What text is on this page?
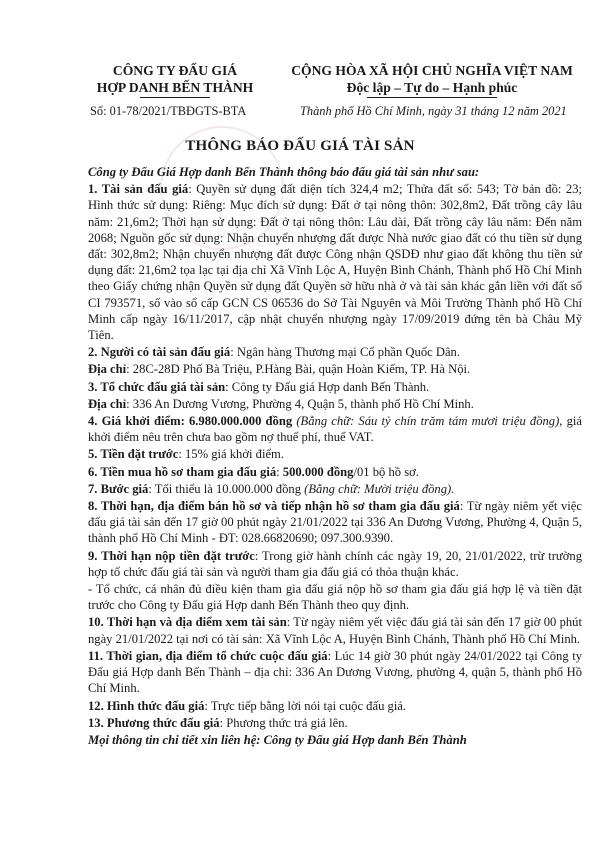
CÔNG TY ĐẤU GIÁ
HỢP DANH BẾN THÀNH
CỘNG HÒA XÃ HỘI CHỦ NGHĨA VIỆT NAM
Độc lập – Tự do – Hạnh phúc
Số: 01-78/2021/TBĐGTS-BTA	Thành phố Hồ Chí Minh, ngày 31 tháng 12 năm 2021
THÔNG BÁO ĐẤU GIÁ TÀI SẢN

Công ty Đấu Giá Hợp danh Bến Thành thông báo đấu giá tài sản như sau:

1. Tài sản đấu giá: Quyền sử dụng đất diện tích 324,4 m2; Thửa đất số: 543; Tờ bản đồ: 23; Hình thức sử dụng: Riêng: Mục đích sử dụng: Đất ở tại nông thôn: 302,8m2, Đất trồng cây lâu năm: 21,6m2; Thời hạn sử dụng: Đất ở tại nông thôn: Lâu dài, Đất trồng cây lâu năm: Đến năm 2068; Nguồn gốc sử dụng: Nhận chuyển nhượng đất được Nhà nước giao đất có thu tiền sử dụng đất: 302,8m2; Nhận chuyển nhượng đất được Công nhận QSDĐ như giao đất không thu tiền sử dụng đất: 21,6m2 tọa lạc tại địa chỉ Xã Vĩnh Lộc A, Huyện Bình Chánh, Thành phố Hồ Chí Minh theo Giấy chứng nhận Quyền sử dụng đất Quyền sở hữu nhà ở và tài sản khác gắn liền với đất số CI 793571, số vào sổ cấp GCN CS 06536 do Sở Tài Nguyên và Môi Trường Thành phố Hồ Chí Minh cấp ngày 16/11/2017, cập nhật chuyển nhượng ngày 17/09/2019 đứng tên bà Châu Mỹ Tiên.

2. Người có tài sản đấu giá: Ngân hàng Thương mại Cổ phần Quốc Dân.

Địa chỉ: 28C-28D Phố Bà Triệu, P.Hàng Bài, quận Hoàn Kiếm, TP. Hà Nội.

3. Tổ chức đấu giá tài sản: Công ty Đấu giá Hợp danh Bến Thành.

Địa chỉ: 336 An Dương Vương, Phường 4, Quận 5, thành phố Hồ Chí Minh.

4. Giá khởi điểm: 6.980.000.000 đồng (Bằng chữ: Sáu tỷ chín trăm tám mươi triệu đồng), giá khởi điểm nêu trên chưa bao gồm nợ thuế phí, thuế VAT.

5. Tiền đặt trước: 15% giá khởi điểm.

6. Tiền mua hồ sơ tham gia đấu giá: 500.000 đồng/01 bộ hồ sơ.

7. Bước giá: Tối thiểu là 10.000.000 đồng (Bằng chữ: Mười triệu đồng).

8. Thời hạn, địa điểm bán hồ sơ và tiếp nhận hồ sơ tham gia đấu giá: Từ ngày niêm yết việc đấu giá tài sản đến 17 giờ 00 phút ngày 21/01/2022 tại 336 An Dương Vương, Phường 4, Quận 5, thành phố Hồ Chí Minh - ĐT: 028.66820690; 097.300.9390.

9. Thời hạn nộp tiền đặt trước: Trong giờ hành chính các ngày 19, 20, 21/01/2022, trừ trường hợp tổ chức đấu giá tài sản và người tham gia đấu giá có thỏa thuận khác.

- Tổ chức, cá nhân đủ điều kiện tham gia đấu giá nộp hồ sơ tham gia đấu giá hợp lệ và tiền đặt trước cho Công ty Đấu giá Hợp danh Bến Thành theo quy định.

10. Thời hạn và địa điểm xem tài sản: Từ ngày niêm yết việc đấu giá tài sản đến 17 giờ 00 phút ngày 21/01/2022 tại nơi có tài sản: Xã Vĩnh Lộc A, Huyện Bình Chánh, Thành phố Hồ Chí Minh.

11. Thời gian, địa điểm tổ chức cuộc đấu giá: Lúc 14 giờ 30 phút ngày 24/01/2022 tại Công ty Đấu giá Hợp danh Bến Thành – địa chỉ: 336 An Dương Vương, phường 4, quận 5, thành phố Hồ Chí Minh.

12. Hình thức đấu giá: Trực tiếp bằng lời nói tại cuộc đấu giá.

13. Phương thức đấu giá: Phương thức trả giá lên.

Mọi thông tin chi tiết xin liên hệ: Công ty Đấu giá Hợp danh Bến Thành
